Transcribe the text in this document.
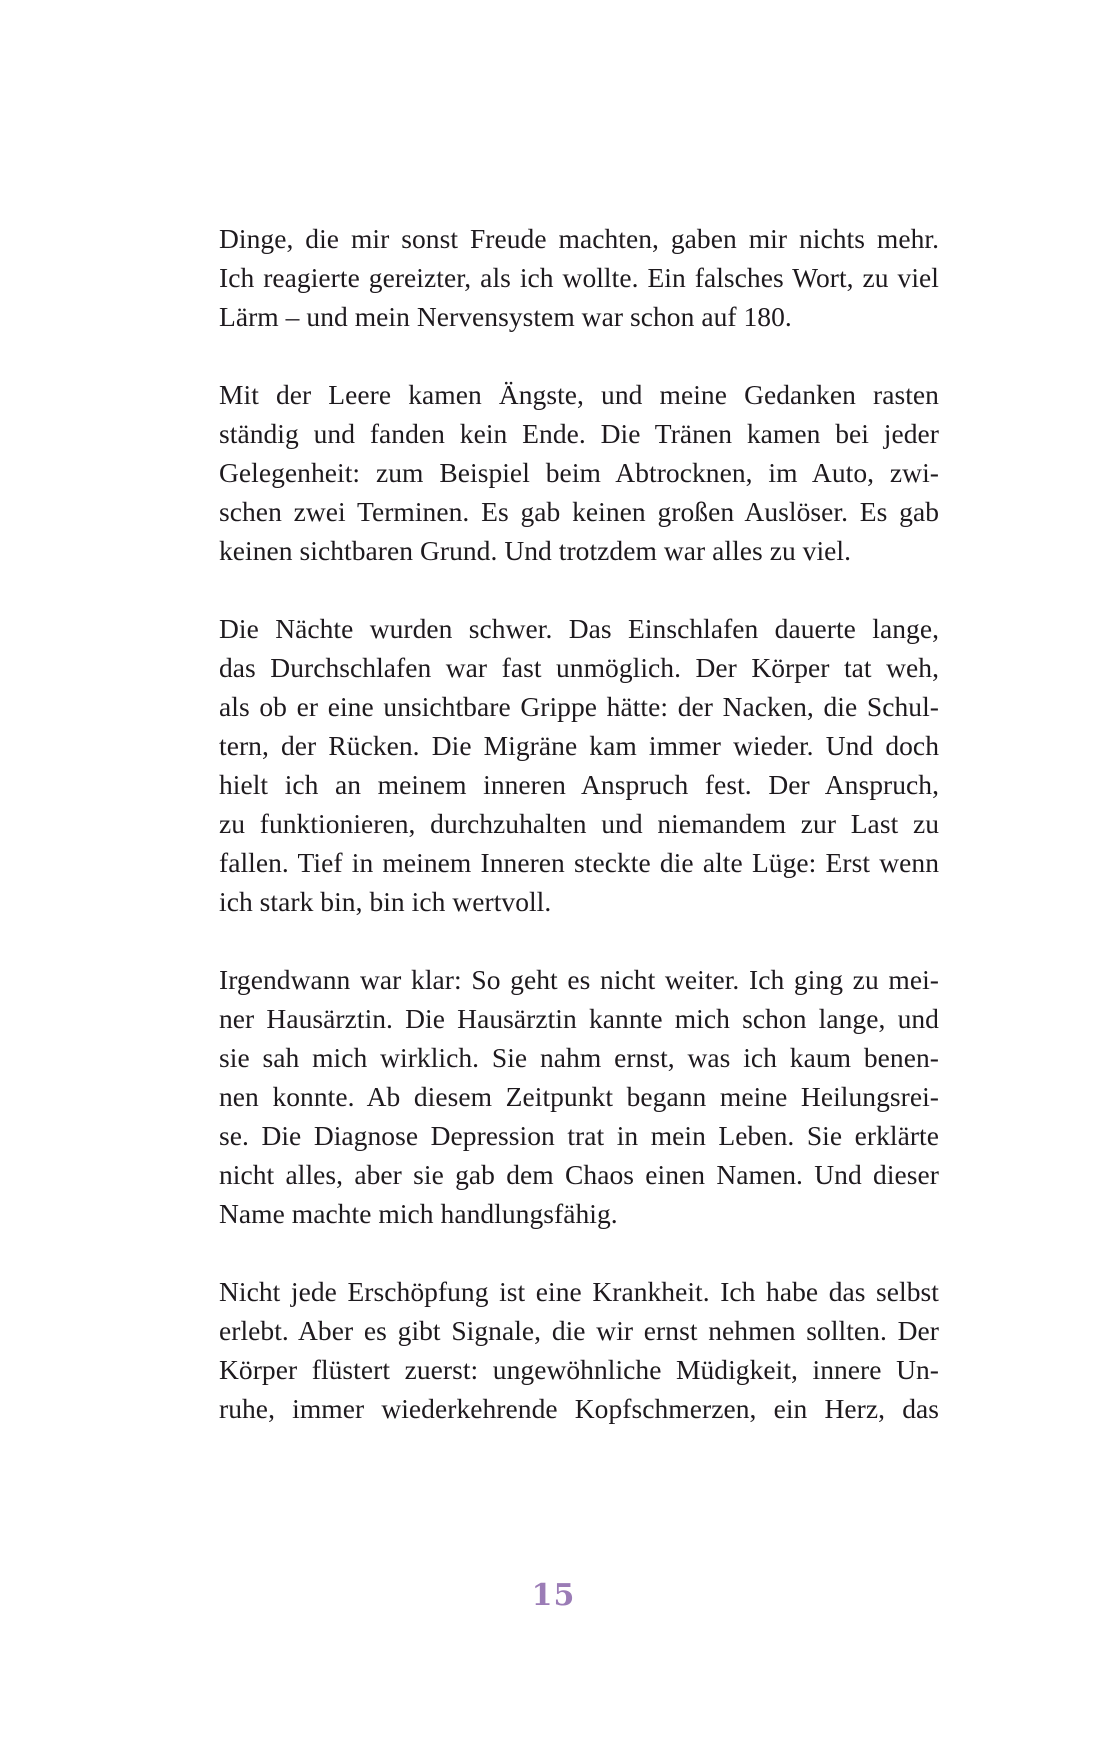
Dinge, die mir sonst Freude machten, gaben mir nichts mehr.
Ich reagierte gereizter, als ich wollte. Ein falsches Wort, zu viel
Lärm – und mein Nervensystem war schon auf 180.

Mit der Leere kamen Ängste, und meine Gedanken rasten
ständig und fanden kein Ende. Die Tränen kamen bei jeder
Gelegenheit: zum Beispiel beim Abtrocknen, im Auto, zwi-
schen zwei Terminen. Es gab keinen großen Auslöser. Es gab
keinen sichtbaren Grund. Und trotzdem war alles zu viel.

Die Nächte wurden schwer. Das Einschlafen dauerte lange,
das Durchschlafen war fast unmöglich. Der Körper tat weh,
als ob er eine unsichtbare Grippe hätte: der Nacken, die Schul-
tern, der Rücken. Die Migräne kam immer wieder. Und doch
hielt ich an meinem inneren Anspruch fest. Der Anspruch,
zu funktionieren, durchzuhalten und niemandem zur Last zu
fallen. Tief in meinem Inneren steckte die alte Lüge: Erst wenn
ich stark bin, bin ich wertvoll.

Irgendwann war klar: So geht es nicht weiter. Ich ging zu mei-
ner Hausärztin. Die Hausärztin kannte mich schon lange, und
sie sah mich wirklich. Sie nahm ernst, was ich kaum benen-
nen konnte. Ab diesem Zeitpunkt begann meine Heilungsrei-
se. Die Diagnose Depression trat in mein Leben. Sie erklärte
nicht alles, aber sie gab dem Chaos einen Namen. Und dieser
Name machte mich handlungsfähig.

Nicht jede Erschöpfung ist eine Krankheit. Ich habe das selbst
erlebt. Aber es gibt Signale, die wir ernst nehmen sollten. Der
Körper flüstert zuerst: ungewöhnliche Müdigkeit, innere Un-
ruhe, immer wiederkehrende Kopfschmerzen, ein Herz, das

15
